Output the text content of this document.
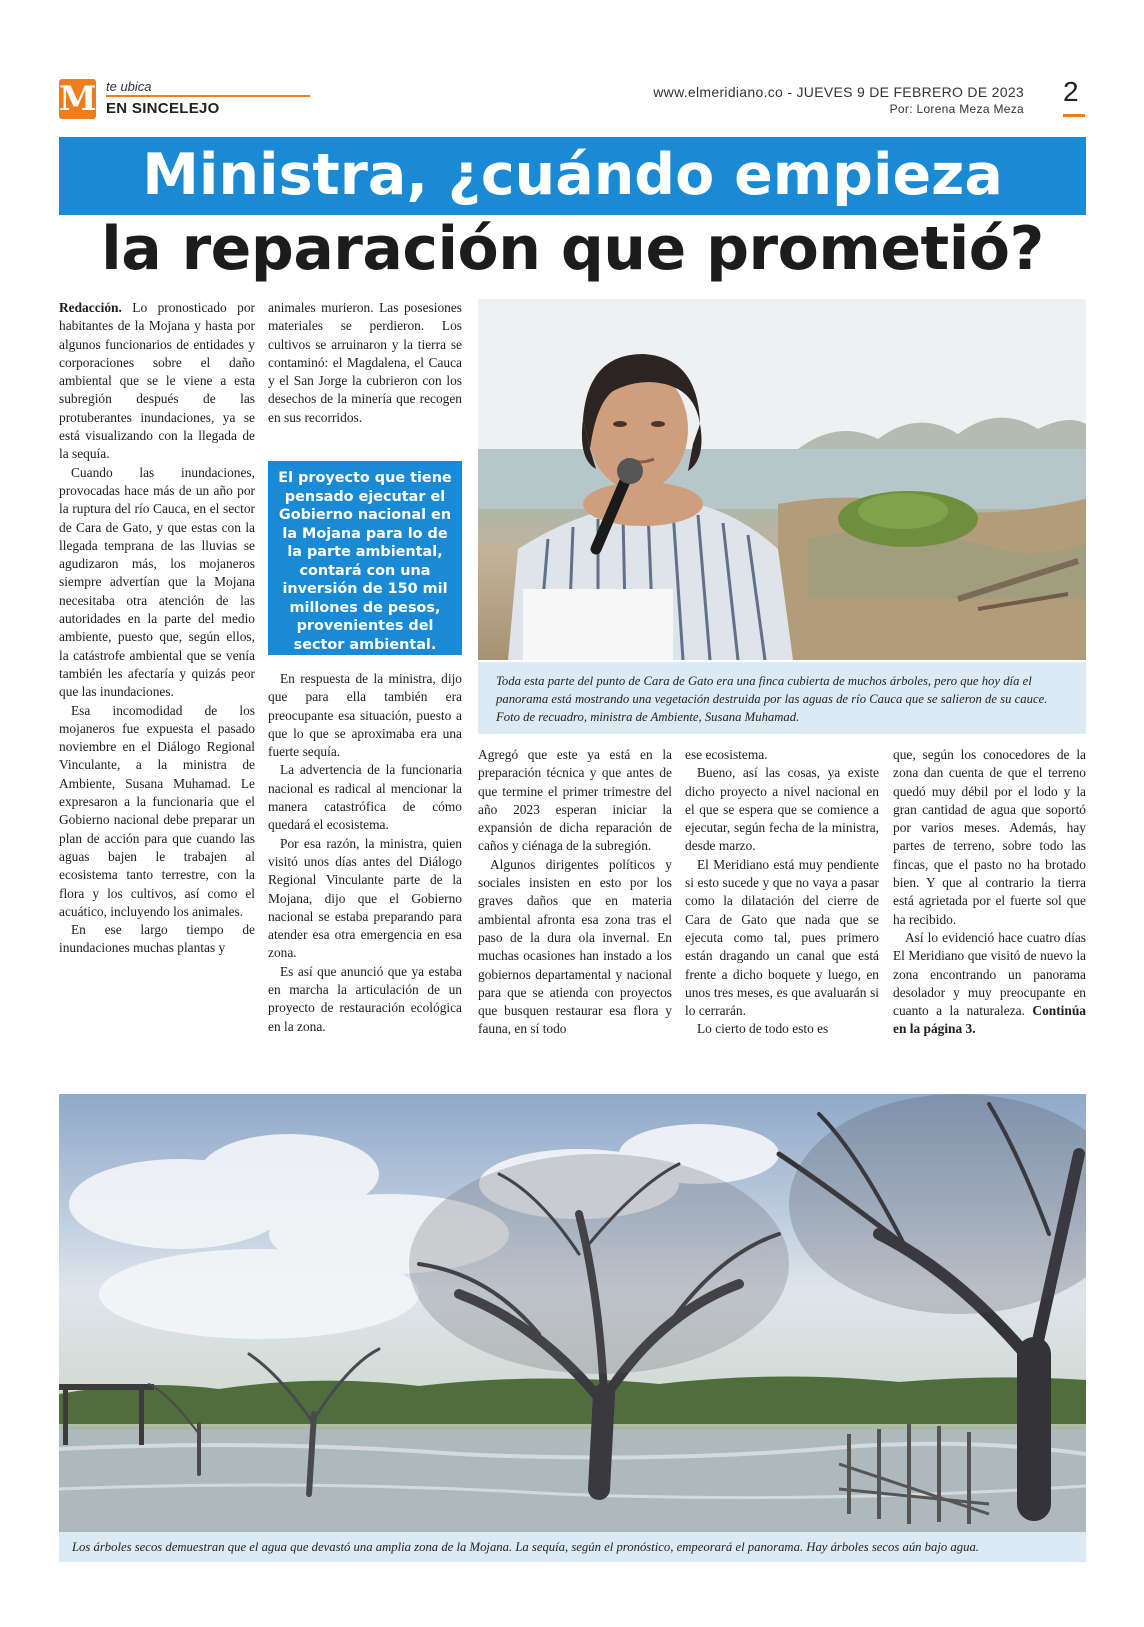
M te ubica
EN SINCELEJO
www.elmeridiano.co - JUEVES 9 DE FEBRERO DE 2023
Por: Lorena Meza Meza
2
Ministra, ¿cuándo empieza
la reparación que prometió?

Redacción. Lo pronosticado por habitantes de la Mojana y hasta por algunos funcionarios de entidades y corporaciones sobre el daño ambiental que se le viene a esta subregión después de las protuberantes inundaciones, ya se está visualizando con la llegada de la sequía.

Cuando las inundaciones, provocadas hace más de un año por la ruptura del río Cauca, en el sector de Cara de Gato, y que estas con la llegada temprana de las lluvias se agudizaron más, los mojaneros siempre advertían que la Mojana necesitaba otra atención de las autoridades en la parte del medio ambiente, puesto que, según ellos, la catástrofe ambiental que se venía también les afectaría y quizás peor que las inundaciones.

Esa incomodidad de los mojaneros fue expuesta el pasado noviembre en el Diálogo Regional Vinculante, a la ministra de Ambiente, Susana Muhamad. Le expresaron a la funcionaria que el Gobierno nacional debe preparar un plan de acción para que cuando las aguas bajen le trabajen al ecosistema tanto terrestre, con la flora y los cultivos, así como el acuático, incluyendo los animales.

En ese largo tiempo de inundaciones muchas plantas y

animales murieron. Las posesiones materiales se perdieron. Los cultivos se arruinaron y la tierra se contaminó: el Magdalena, el Cauca y el San Jorge la cubrieron con los desechos de la minería que recogen en sus recorridos.

El proyecto que tiene pensado ejecutar el Gobierno nacional en la Mojana para lo de la parte ambiental, contará con una inversión de 150 mil millones de pesos, provenientes del sector ambiental.

En respuesta de la ministra, dijo que para ella también era preocupante esa situación, puesto a que lo que se aproximaba era una fuerte sequía.

La advertencia de la funcionaria nacional es radical al mencionar la manera catastrófica de cómo quedará el ecosistema.

Por esa razón, la ministra, quien visitó unos días antes del Diálogo Regional Vinculante parte de la Mojana, dijo que el Gobierno nacional se estaba preparando para atender esa otra emergencia en esa zona.

Es así que anunció que ya estaba en marcha la articulación de un proyecto de restauración ecológica en la zona.

Toda esta parte del punto de Cara de Gato era una finca cubierta de muchos árboles, pero que hoy día el panorama está mostrando una vegetación destruida por las aguas de río Cauca que se salieron de su cauce. Foto de recuadro, ministra de Ambiente, Susana Muhamad.

Agregó que este ya está en la preparación técnica y que antes de que termine el primer trimestre del año 2023 esperan iniciar la expansión de dicha reparación de caños y ciénaga de la subregión.

Algunos dirigentes políticos y sociales insisten en esto por los graves daños que en materia ambiental afronta esa zona tras el paso de la dura ola invernal. En muchas ocasiones han instado a los gobiernos departamental y nacional para que se atienda con proyectos que busquen restaurar esa flora y fauna, en sí todo

ese ecosistema.

Bueno, así las cosas, ya existe dicho proyecto a nivel nacional en el que se espera que se comience a ejecutar, según fecha de la ministra, desde marzo.

El Meridiano está muy pendiente si esto sucede y que no vaya a pasar como la dilatación del cierre de Cara de Gato que nada que se ejecuta como tal, pues primero están dragando un canal que está frente a dicho boquete y luego, en unos tres meses, es que avaluarán si lo cerrarán.

Lo cierto de todo esto es

que, según los conocedores de la zona dan cuenta de que el terreno quedó muy débil por el lodo y la gran cantidad de agua que soportó por varios meses. Además, hay partes de terreno, sobre todo las fincas, que el pasto no ha brotado bien. Y que al contrario la tierra está agrietada por el fuerte sol que ha recibido.

Así lo evidenció hace cuatro días El Meridiano que visitó de nuevo la zona encontrando un panorama desolador y muy preocupante en cuanto a la naturaleza. Continúa en la página 3.

Los árboles secos demuestran que el agua que devastó una amplia zona de la Mojana. La sequía, según el pronóstico, empeorará el panorama. Hay árboles secos aún bajo agua.
